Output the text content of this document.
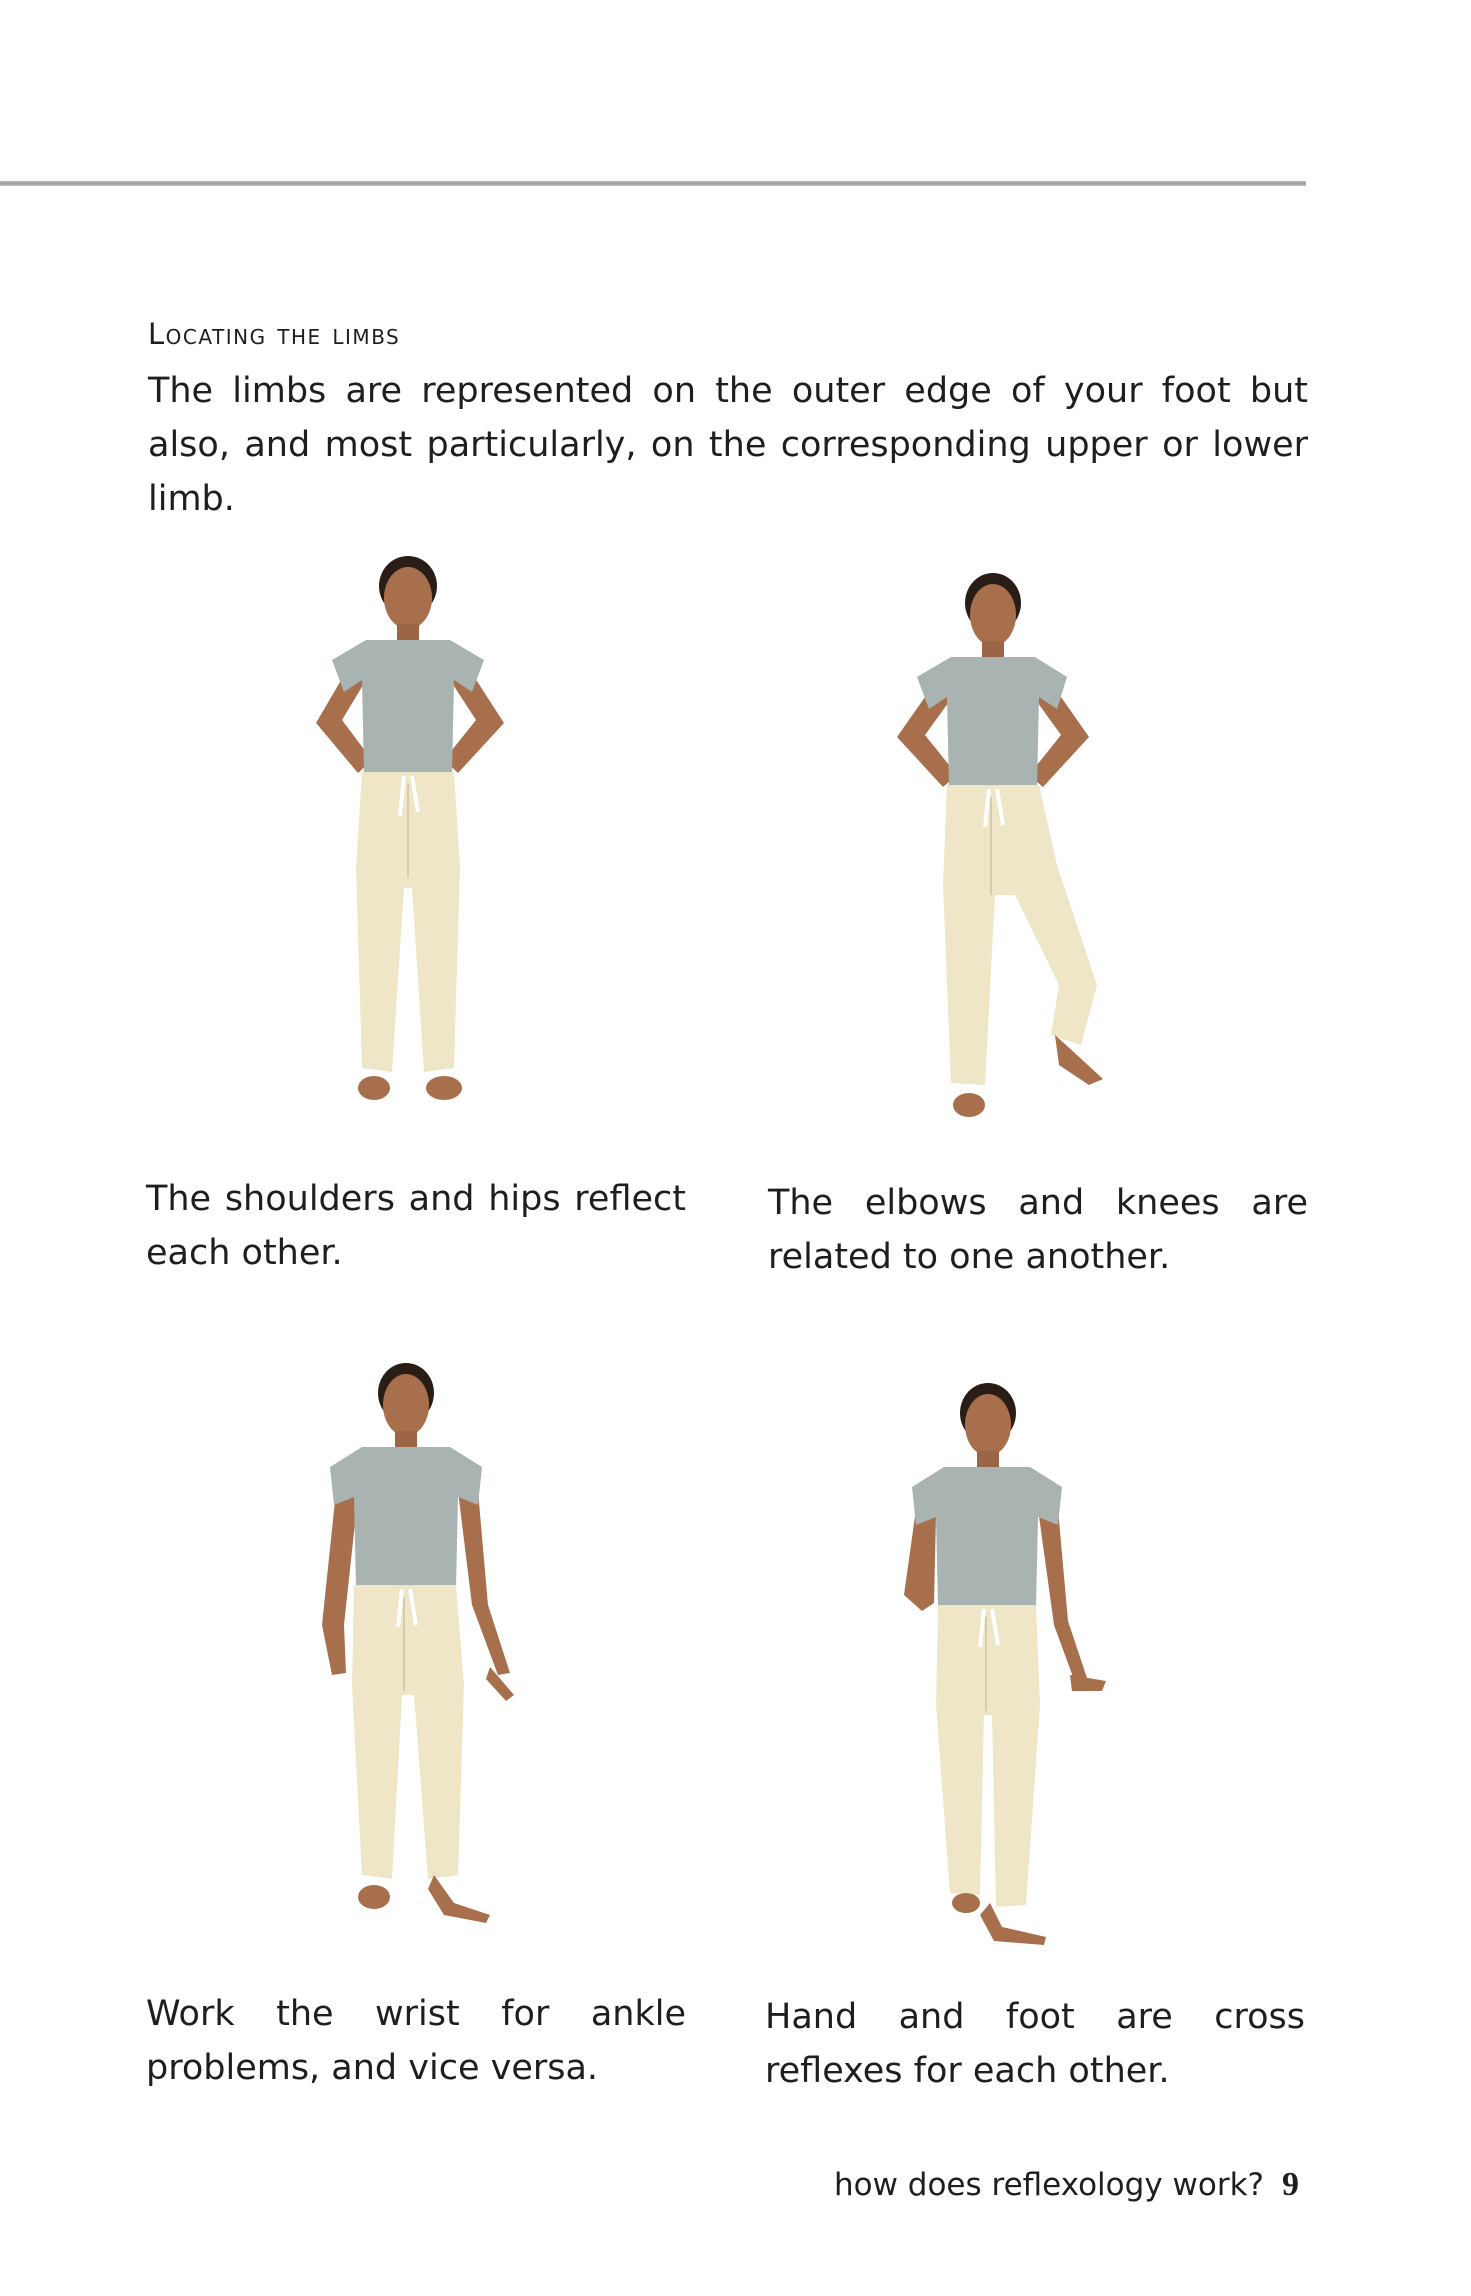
Locating the limbs

The limbs are represented on the outer edge of your foot but also, and most particularly, on the corresponding upper or lower limb.

The shoulders and hips reflect each other.

The elbows and knees are related to one another.

Work the wrist for ankle problems, and vice versa.

Hand and foot are cross reflexes for each other.

how does reflexology work? 9
